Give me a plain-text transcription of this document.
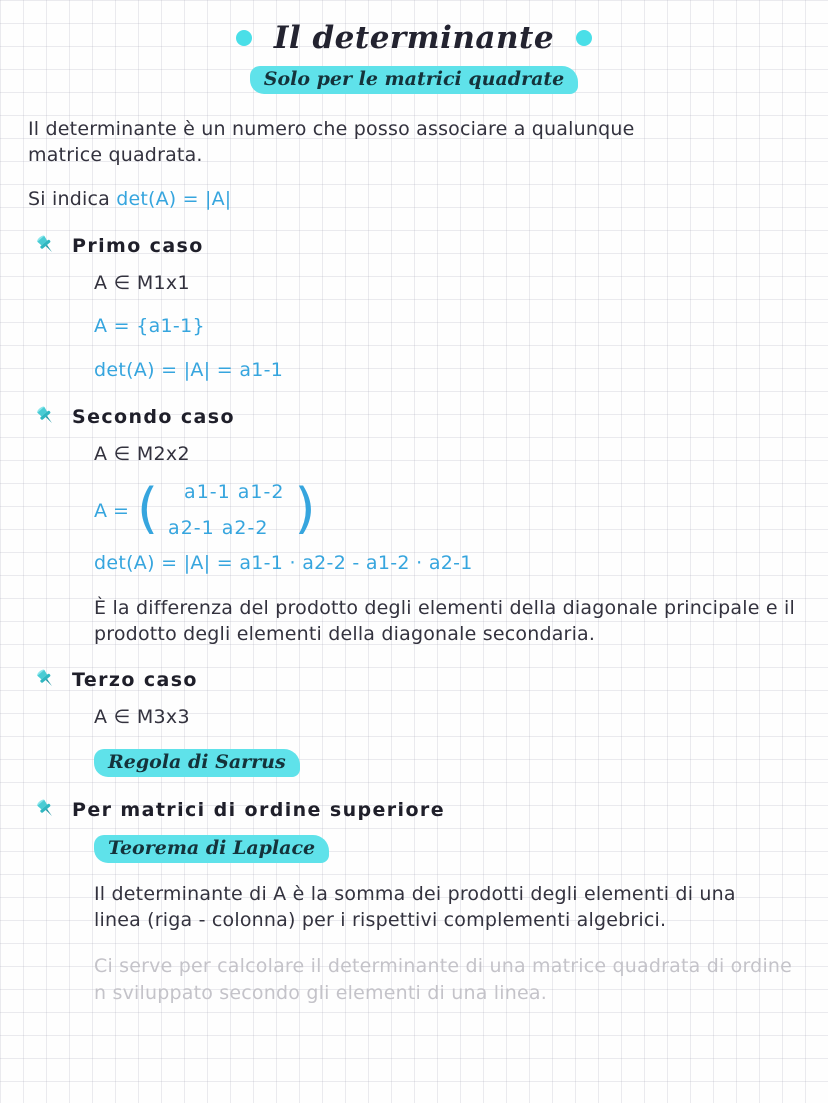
Il determinante
Solo per le matrici quadrate

Il determinante è un numero che posso associare a qualunque matrice quadrata.

Si indica det(A) = |A|

Primo caso

A ∈ M1x1

A = {a1-1}

det(A) = |A| = a1-1

Secondo caso

A ∈ M2x2

A = ( a1-1 a1-2
a2-1 a2-2 )

det(A) = |A| = a1-1 · a2-2 - a1-2 · a2-1

È la differenza del prodotto degli elementi della diagonale principale e il prodotto degli elementi della diagonale secondaria.

Terzo caso

A ∈ M3x3

Regola di Sarrus
Per matrici di ordine superiore
Teorema di Laplace

Il determinante di A è la somma dei prodotti degli elementi di una linea (riga - colonna) per i rispettivi complementi algebrici.

Ci serve per calcolare il determinante di una matrice quadrata di ordine n sviluppato secondo gli elementi di una linea.
